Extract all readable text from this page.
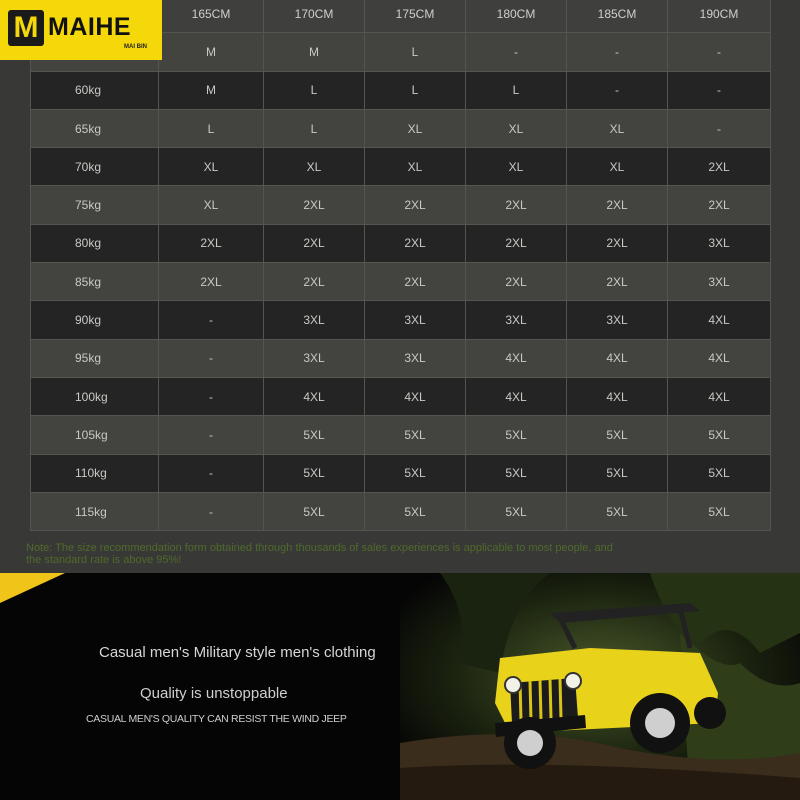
	165CM	170CM	175CM	180CM	185CM	190CM
	M	M	L	-	-	-
60kg	M	L	L	L	-	-
65kg	L	L	XL	XL	XL	-
70kg	XL	XL	XL	XL	XL	2XL
75kg	XL	2XL	2XL	2XL	2XL	2XL
80kg	2XL	2XL	2XL	2XL	2XL	3XL
85kg	2XL	2XL	2XL	2XL	2XL	3XL
90kg	-	3XL	3XL	3XL	3XL	4XL
95kg	-	3XL	3XL	4XL	4XL	4XL
100kg	-	4XL	4XL	4XL	4XL	4XL
105kg	-	5XL	5XL	5XL	5XL	5XL
110kg	-	5XL	5XL	5XL	5XL	5XL
115kg	-	5XL	5XL	5XL	5XL	5XL
Note: The size recommendation form obtained through thousands of sales experiences is applicable to most people, and the standard rate is above 95%!
M MAIHE
MAI BIN
Casual men's Military style men's clothing
Quality is unstoppable
CASUAL MEN'S QUALITY CAN RESIST THE WIND JEEP
